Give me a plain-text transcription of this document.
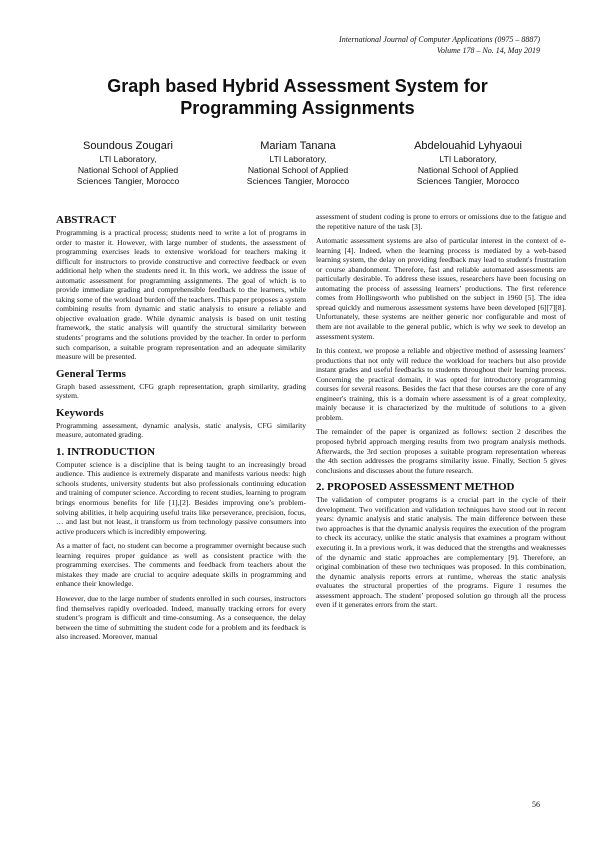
International Journal of Computer Applications (0975 – 8887)
Volume 178 – No. 14, May 2019
Graph based Hybrid Assessment System for
Programming Assignments
Soundous Zougari
LTI Laboratory,
National School of Applied
Sciences Tangier, Morocco
Mariam Tanana
LTI Laboratory,
National School of Applied
Sciences Tangier, Morocco
Abdelouahid Lyhyaoui
LTI Laboratory,
National School of Applied
Sciences Tangier, Morocco
ABSTRACT

Programming is a practical process; students need to write a lot of programs in order to master it. However, with large number of students, the assessment of programming exercises leads to extensive workload for teachers making it difficult for instructors to provide constructive and corrective feedback or even additional help when the students need it. In this work, we address the issue of automatic assessment for programming assignments. The goal of which is to provide immediate grading and comprehensible feedback to the learners, while taking some of the workload burden off the teachers. This paper proposes a system combining results from dynamic and static analysis to ensure a reliable and objective evaluation grade. While dynamic analysis is based on unit testing framework, the static analysis will quantify the structural similarity between students’ programs and the solutions provided by the teacher. In order to perform such comparison, a suitable program representation and an adequate similarity measure will be presented.

General Terms

Graph based assessment, CFG graph representation, graph similarity, grading system.

Keywords

Programming assessment, dynamic analysis, static analysis, CFG similarity measure, automated grading.

1. INTRODUCTION

Computer science is a discipline that is being taught to an increasingly broad audience. This audience is extremely disparate and manifests various needs: high schools students, university students but also professionals continuing education and training of computer science. According to recent studies, learning to program brings enormous benefits for life [1],[2]. Besides improving one’s problem-solving abilities, it help acquiring useful traits like perseverance, precision, focus, … and last but not least, it transform us from technology passive consumers into active producers which is incredibly empowering.

As a matter of fact, no student can become a programmer overnight because such learning requires proper guidance as well as consistent practice with the programming exercises. The comments and feedback from teachers about the mistakes they made are crucial to acquire adequate skills in programming and enhance their knowledge.

However, due to the large number of students enrolled in such courses, instructors find themselves rapidly overloaded. Indeed, manually tracking errors for every student’s program is difficult and time-consuming. As a consequence, the delay between the time of submitting the student code for a problem and its feedback is also increased. Moreover, manual

assessment of student coding is prone to errors or omissions due to the fatigue and the repetitive nature of the task [3].

Automatic assessment systems are also of particular interest in the context of e-learning [4]. Indeed, when the learning process is mediated by a web-based learning system, the delay on providing feedback may lead to student's frustration or course abandonment. Therefore, fast and reliable automated assessments are particularly desirable. To address these issues, researchers have been focusing on automating the process of assessing learners’ productions. The first reference comes from Hollingsworth who published on the subject in 1960 [5]. The idea spread quickly and numerous assessment systems have been developed [6][7][8]. Unfortunately, these systems are neither generic nor configurable and most of them are not available to the general public, which is why we seek to develop an assessment system.

In this context, we propose a reliable and objective method of assessing learners’ productions that not only will reduce the workload for teachers but also provide instant grades and useful feedbacks to students throughout their learning process. Concerning the practical domain, it was opted for introductory programming courses for several reasons. Besides the fact that these courses are the core of any engineer's training, this is a domain where assessment is of a great complexity, mainly because it is characterized by the multitude of solutions to a given problem.

The remainder of the paper is organized as follows: section 2 describes the proposed hybrid approach merging results from two program analysis methods. Afterwards, the 3rd section proposes a suitable program representation whereas the 4th section addresses the programs similarity issue. Finally, Section 5 gives conclusions and discusses about the future research.

2. PROPOSED ASSESSMENT METHOD

The validation of computer programs is a crucial part in the cycle of their development. Two verification and validation techniques have stood out in recent years: dynamic analysis and static analysis. The main difference between these two approaches is that the dynamic analysis requires the execution of the program to check its accuracy, unlike the static analysis that examines a program without executing it. In a previous work, it was deduced that the strengths and weaknesses of the dynamic and static approaches are complementary [9]. Therefore, an original combination of these two techniques was proposed. In this combination, the dynamic analysis reports errors at runtime, whereas the static analysis evaluates the structural properties of the programs. Figure 1 resumes the assessment approach. The student’ proposed solution go through all the process even if it generates errors from the start.

56
